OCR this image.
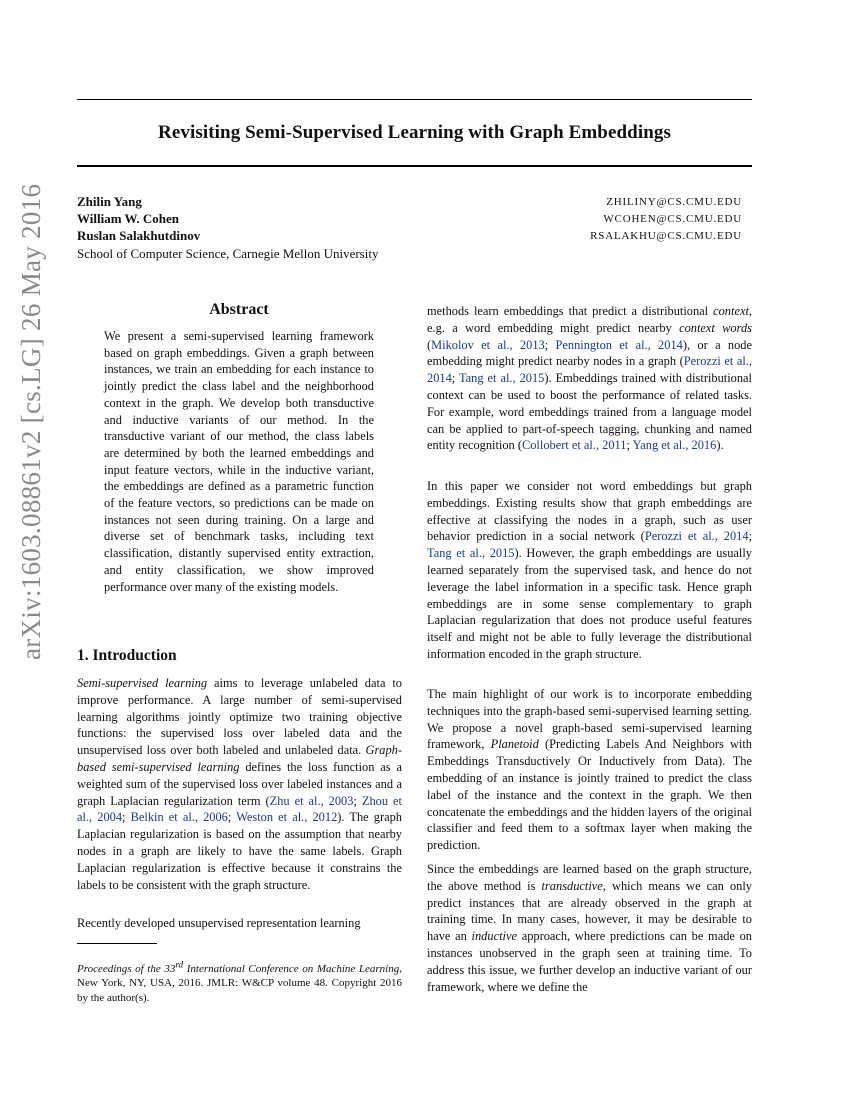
Revisiting Semi-Supervised Learning with Graph Embeddings
Zhilin Yang
William W. Cohen
Ruslan Salakhutdinov
ZHILINY@CS.CMU.EDU
WCOHEN@CS.CMU.EDU
RSALAKHU@CS.CMU.EDU
School of Computer Science, Carnegie Mellon University
arXiv:1603.08861v2 [cs.LG] 26 May 2016	Abstract

We present a semi-supervised learning framework based on graph embeddings. Given a graph between instances, we train an embedding for each instance to jointly predict the class label and the neighborhood context in the graph. We develop both transductive and inductive variants of our method. In the transductive variant of our method, the class labels are determined by both the learned embeddings and input feature vectors, while in the inductive variant, the embeddings are defined as a parametric function of the feature vectors, so predictions can be made on instances not seen during training. On a large and diverse set of benchmark tasks, including text classification, distantly supervised entity extraction, and entity classification, we show improved performance over many of the existing models.

1. Introduction

Semi-supervised learning aims to leverage unlabeled data to improve performance. A large number of semi-supervised learning algorithms jointly optimize two training objective functions: the supervised loss over labeled data and the unsupervised loss over both labeled and unlabeled data. Graph-based semi-supervised learning defines the loss function as a weighted sum of the supervised loss over labeled instances and a graph Laplacian regularization term (Zhu et al., 2003; Zhou et al., 2004; Belkin et al., 2006; Weston et al., 2012). The graph Laplacian regularization is based on the assumption that nearby nodes in a graph are likely to have the same labels. Graph Laplacian regularization is effective because it constrains the labels to be consistent with the graph structure.

Recently developed unsupervised representation learning

Proceedings of the 33rd International Conference on Machine Learning, New York, NY, USA, 2016. JMLR: W&CP volume 48. Copyright 2016 by the author(s).

methods learn embeddings that predict a distributional context, e.g. a word embedding might predict nearby context words (Mikolov et al., 2013; Pennington et al., 2014), or a node embedding might predict nearby nodes in a graph (Perozzi et al., 2014; Tang et al., 2015). Embeddings trained with distributional context can be used to boost the performance of related tasks. For example, word embeddings trained from a language model can be applied to part-of-speech tagging, chunking and named entity recognition (Collobert et al., 2011; Yang et al., 2016).

In this paper we consider not word embeddings but graph embeddings. Existing results show that graph embeddings are effective at classifying the nodes in a graph, such as user behavior prediction in a social network (Perozzi et al., 2014; Tang et al., 2015). However, the graph embeddings are usually learned separately from the supervised task, and hence do not leverage the label information in a specific task. Hence graph embeddings are in some sense complementary to graph Laplacian regularization that does not produce useful features itself and might not be able to fully leverage the distributional information encoded in the graph structure.

The main highlight of our work is to incorporate embedding techniques into the graph-based semi-supervised learning setting. We propose a novel graph-based semi-supervised learning framework, Planetoid (Predicting Labels And Neighbors with Embeddings Transductively Or Inductively from Data). The embedding of an instance is jointly trained to predict the class label of the instance and the context in the graph. We then concatenate the embeddings and the hidden layers of the original classifier and feed them to a softmax layer when making the prediction.

Since the embeddings are learned based on the graph structure, the above method is transductive, which means we can only predict instances that are already observed in the graph at training time. In many cases, however, it may be desirable to have an inductive approach, where predictions can be made on instances unobserved in the graph seen at training time. To address this issue, we further develop an inductive variant of our framework, where we define the
